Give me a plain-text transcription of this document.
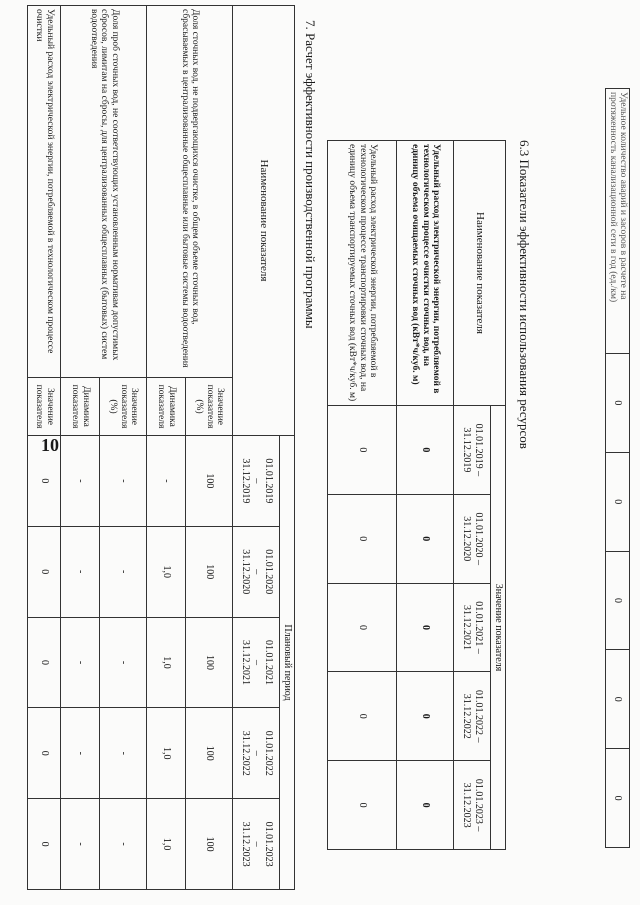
10
Удельное количество аварий и засоров в расчете на протяженность канализационной сети в год (ед./км)	0	0	0	0	0
6.3 Показатели эффективности использования ресурсов
Наименование показателя	Значение показателя				
	01.01.2019 – 31.12.2019	01.01.2020 – 31.12.2020	01.01.2021 – 31.12.2021	01.01.2022 – 31.12.2022	01.01.2023 – 31.12.2023
Удельный расход электрической энергии, потребляемой в технологическом процессе очистки сточных вод, на единицу объема очищаемых сточных вод (кВт*ч/куб. м)	0	0	0	0	0
Удельный расход электрической энергии, потребляемой в технологическом процессе транспортировки сточных вод, на единицу объема транспортируемых сточных вод (кВт*ч/куб. м)	0	0	0	0	0
7. Расчет эффективности производственной программы
Наименование показателя		Плановый период				
		01.01.2019
–
31.12.2019	01.01.2020
–
31.12.2020	01.01.2021
–
31.12.2021	01.01.2022
–
31.12.2022	01.01.2023
–
31.12.2023
Доля сточных вод, не подвергающихся очистке, в общем объеме сточных вод, сбрасываемых в централизованные общесплавные или бытовые системы водоотведения	Значение показателя (%)	100	100	100	100	100
	Динамика показателя	-	1,0	1,0	1,0	1,0
Доля проб сточных вод, не соответствующих установленным нормативам допустимых сбросов, лимитам на сбросы, для централизованных общесплавных (бытовых) систем водоотведения	Значение показателя (%)	-	-	-	-	-
	Динамика показателя	-	-	-	-	-
Удельный расход электрической энергии, потребляемой в технологическом процессе очистки	Значение показателя	0	0	0	0	0
